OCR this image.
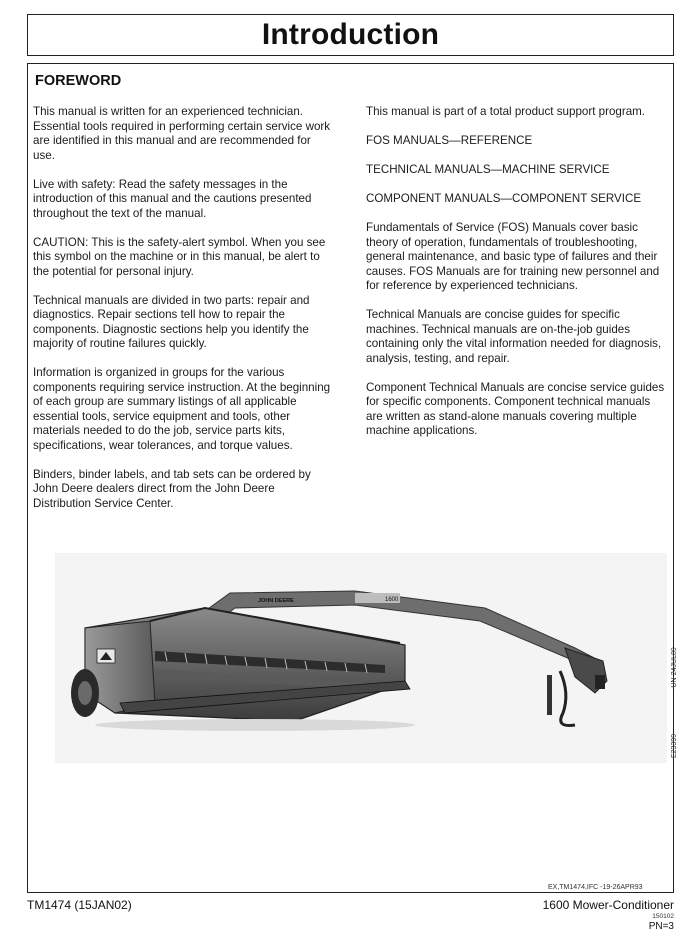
Introduction
FOREWORD

This manual is written for an experienced technician. Essential tools required in performing certain service work are identified in this manual and are recommended for use.

Live with safety: Read the safety messages in the introduction of this manual and the cautions presented throughout the text of the manual.

CAUTION: This is the safety-alert symbol. When you see this symbol on the machine or in this manual, be alert to the potential for personal injury.

Technical manuals are divided in two parts: repair and diagnostics. Repair sections tell how to repair the components. Diagnostic sections help you identify the majority of routine failures quickly.

Information is organized in groups for the various components requiring service instruction. At the beginning of each group are summary listings of all applicable essential tools, service equipment and tools, other materials needed to do the job, service parts kits, specifications, wear tolerances, and torque values.

Binders, binder labels, and tab sets can be ordered by John Deere dealers direct from the John Deere Distribution Service Center.

This manual is part of a total product support program.

FOS MANUALS—REFERENCE

TECHNICAL MANUALS—MACHINE SERVICE

COMPONENT MANUALS—COMPONENT SERVICE

Fundamentals of Service (FOS) Manuals cover basic theory of operation, fundamentals of troubleshooting, general maintenance, and basic type of failures and their causes. FOS Manuals are for training new personnel and for reference by experienced technicians.

Technical Manuals are concise guides for specific machines. Technical manuals are on-the-job guides containing only the vital information needed for diagnosis, analysis, testing, and repair.

Component Technical Manuals are concise service guides for specific components. Component technical manuals are written as stand-alone manuals covering multiple machine applications.

JOHN DEERE	1600
-UN-24JUL89
E23399
EX,TM1474,IFC -19-26APR93
TM1474 (15JAN02)	1600 Mower-Conditioner
150102
PN=3
